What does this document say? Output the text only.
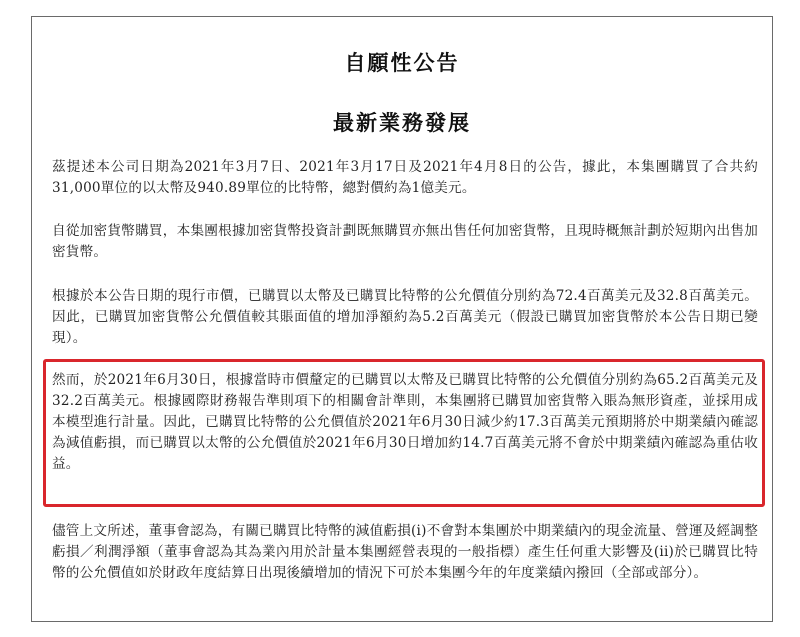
自願性公告
最新業務發展

茲提述本公司日期為2021年3月7日、2021年3月17日及2021年4月8日的公告，據此，本集團購買了合共約31,000單位的以太幣及940.89單位的比特幣，總對價約為1億美元。

自從加密貨幣購買，本集團根據加密貨幣投資計劃既無購買亦無出售任何加密貨幣，且現時概無計劃於短期內出售加密貨幣。

根據於本公告日期的現行市價，已購買以太幣及已購買比特幣的公允價值分別約為72.4百萬美元及32.8百萬美元。因此，已購買加密貨幣公允價值較其賬面值的增加淨額約為5.2百萬美元（假設已購買加密貨幣於本公告日期已變現）。

然而，於2021年6月30日，根據當時市價釐定的已購買以太幣及已購買比特幣的公允價值分別約為65.2百萬美元及32.2百萬美元。根據國際財務報告準則項下的相關會計準則，本集團將已購買加密貨幣入賬為無形資產，並採用成本模型進行計量。因此，已購買比特幣的公允價值於2021年6月30日減少約17.3百萬美元預期將於中期業績內確認為減值虧損，而已購買以太幣的公允價值於2021年6月30日增加約14.7百萬美元將不會於中期業績內確認為重估收益。

儘管上文所述，董事會認為，有關已購買比特幣的減值虧損(i)不會對本集團於中期業績內的現金流量、營運及經調整虧損／利潤淨額（董事會認為其為業內用於計量本集團經營表現的一般指標）產生任何重大影響及(ii)於已購買比特幣的公允價值如於財政年度結算日出現後續增加的情況下可於本集團今年的年度業績內撥回（全部或部分）。
